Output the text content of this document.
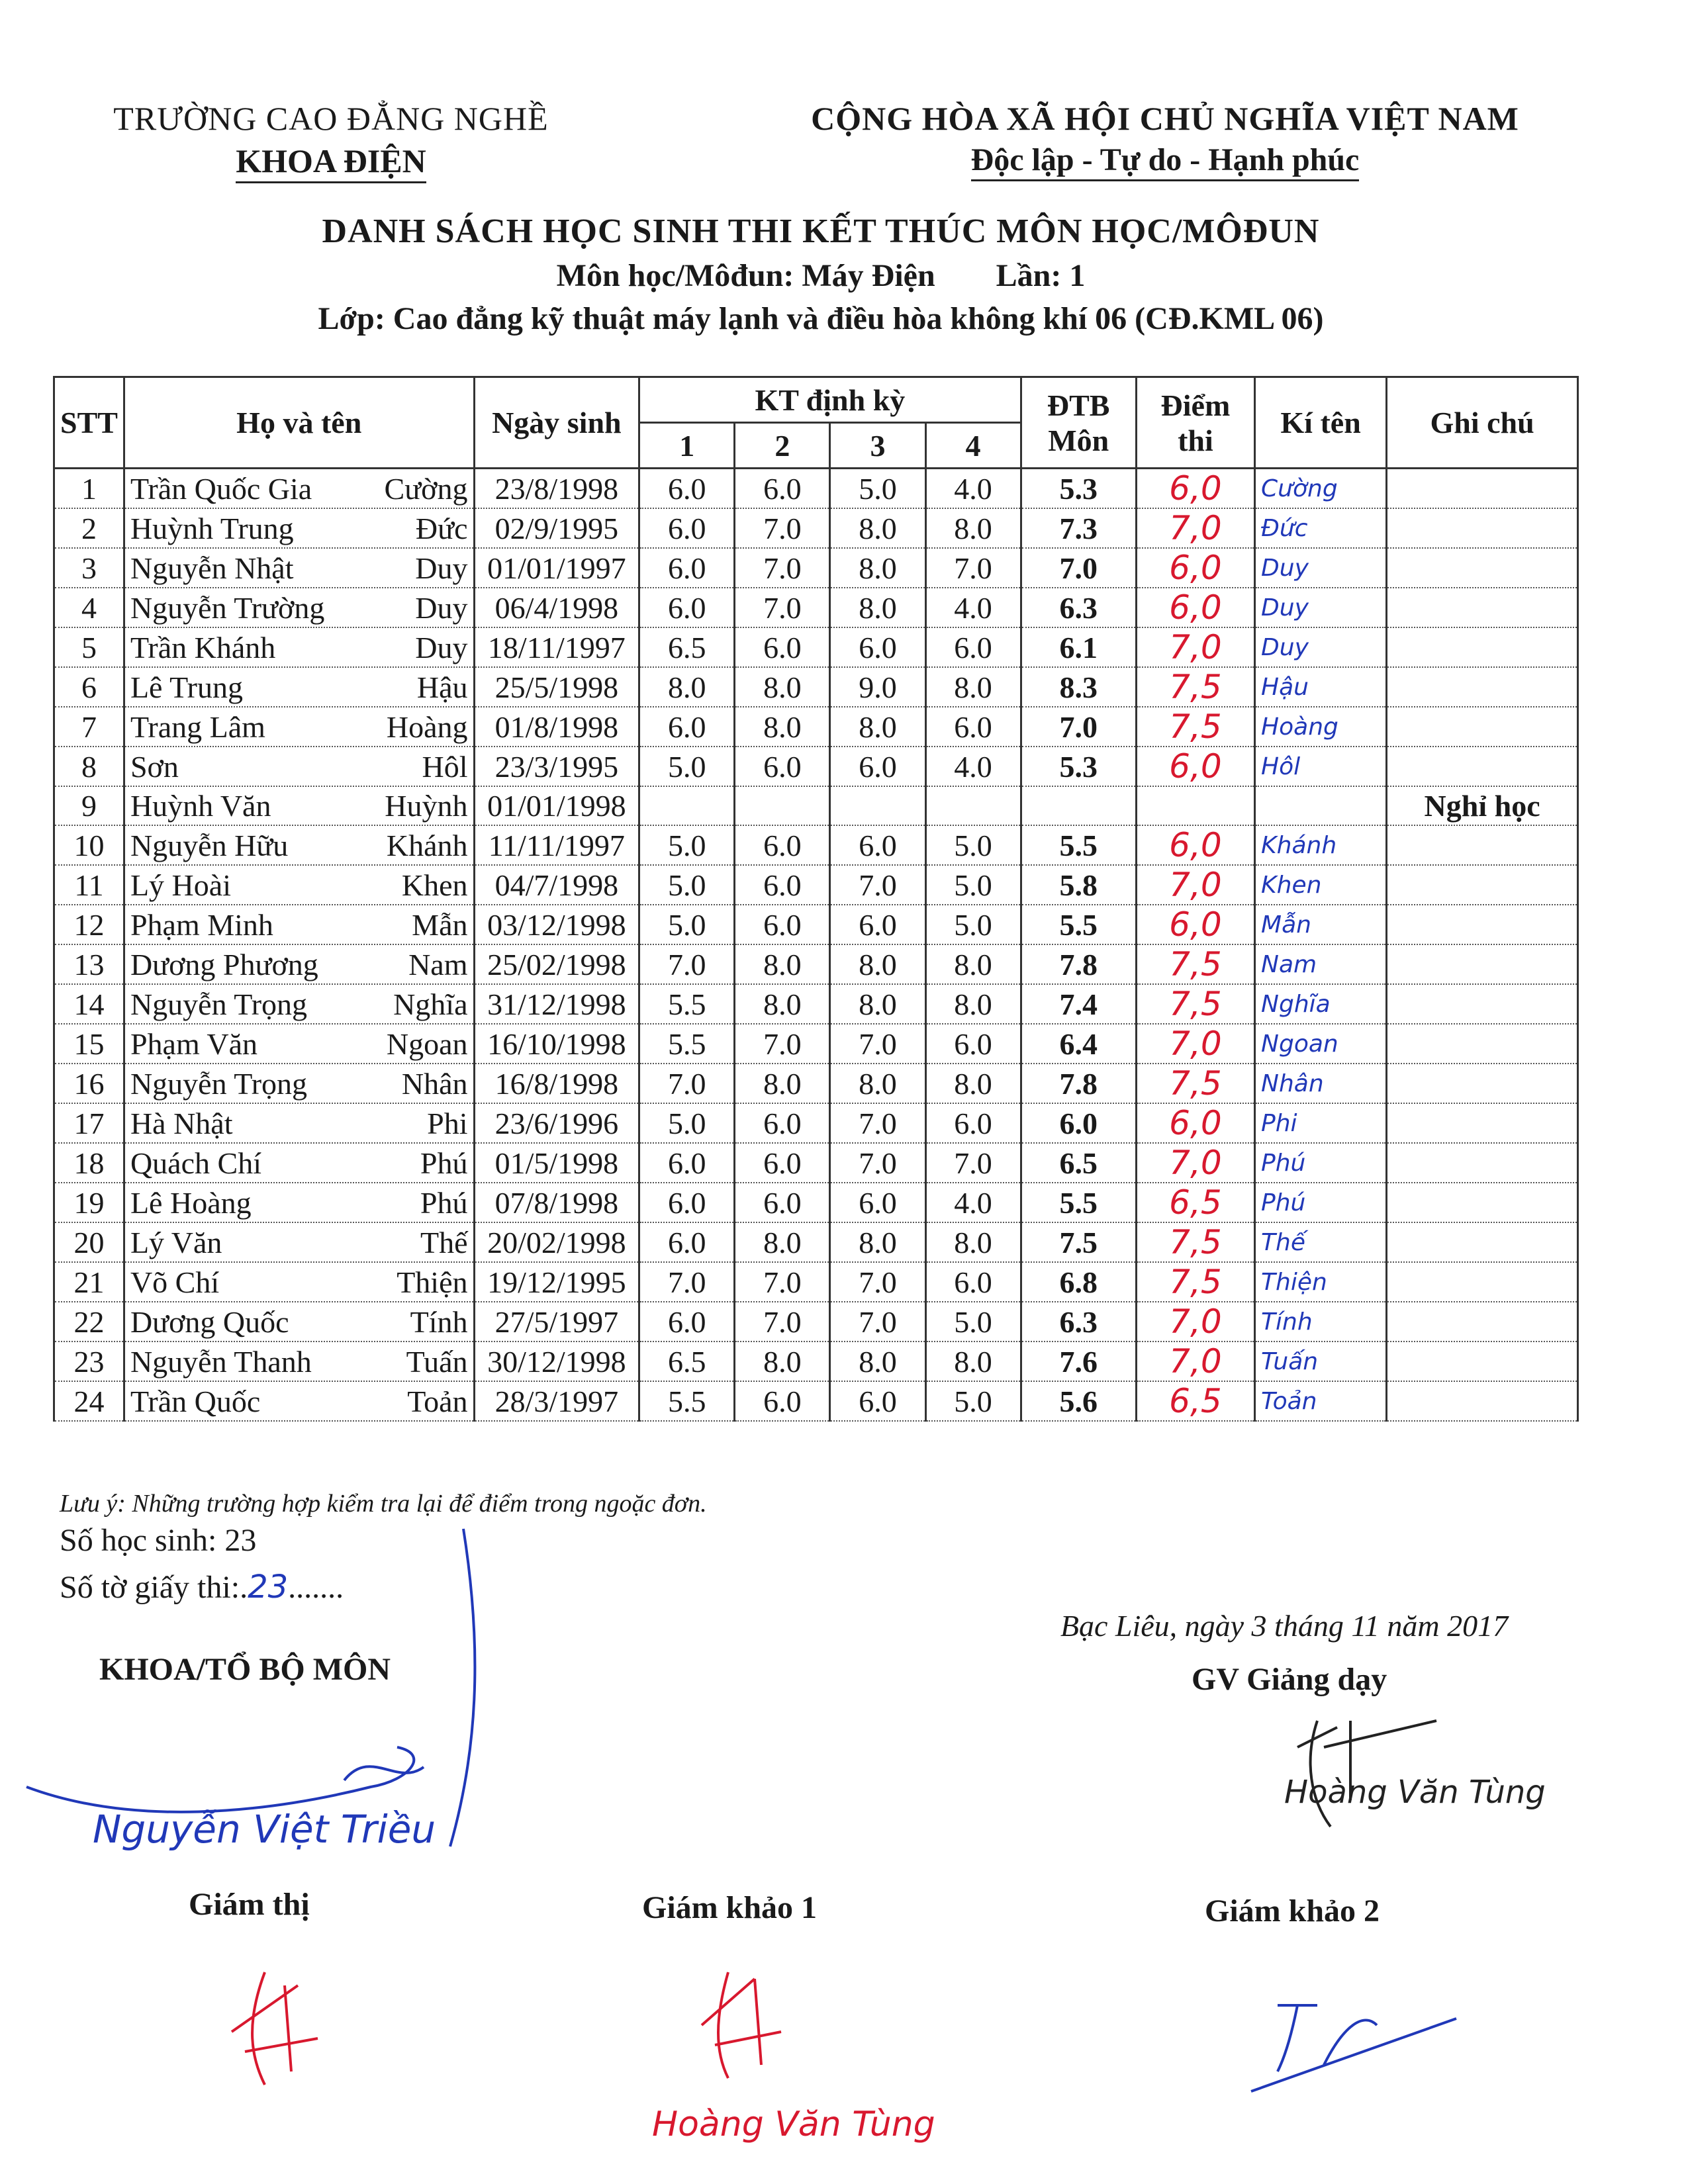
TRƯỜNG CAO ĐẲNG NGHỀ
KHOA ĐIỆN
CỘNG HÒA XÃ HỘI CHỦ NGHĨA VIỆT NAM
Độc lập - Tự do - Hạnh phúc
DANH SÁCH HỌC SINH THI KẾT THÚC MÔN HỌC/MÔĐUN
Môn học/Môđun: Máy Điện Lần: 1
Lớp: Cao đẳng kỹ thuật máy lạnh và điều hòa không khí 06 (CĐ.KML 06)
STT	Họ và tên	Ngày sinh	KT định kỳ				ĐTB Môn	Điểm thi	Kí tên	Ghi chú
			1	2	3	4				
1	Trần Quốc Gia Cường	23/8/1998	6.0	6.0	5.0	4.0	5.3	6,0	Cường	
2	Huỳnh Trung Đức	02/9/1995	6.0	7.0	8.0	8.0	7.3	7,0	Đức	
3	Nguyễn Nhật Duy	01/01/1997	6.0	7.0	8.0	7.0	7.0	6,0	Duy	
4	Nguyễn Trường Duy	06/4/1998	6.0	7.0	8.0	4.0	6.3	6,0	Duy	
5	Trần Khánh Duy	18/11/1997	6.5	6.0	6.0	6.0	6.1	7,0	Duy	
6	Lê Trung Hậu	25/5/1998	8.0	8.0	9.0	8.0	8.3	7,5	Hậu	
7	Trang Lâm Hoàng	01/8/1998	6.0	8.0	8.0	6.0	7.0	7,5	Hoàng	
8	Sơn Hôl	23/3/1995	5.0	6.0	6.0	4.0	5.3	6,0	Hôl	
9	Huỳnh Văn Huỳnh	01/01/1998								Nghỉ học
10	Nguyễn Hữu Khánh	11/11/1997	5.0	6.0	6.0	5.0	5.5	6,0	Khánh	
11	Lý Hoài Khen	04/7/1998	5.0	6.0	7.0	5.0	5.8	7,0	Khen	
12	Phạm Minh Mẫn	03/12/1998	5.0	6.0	6.0	5.0	5.5	6,0	Mẫn	
13	Dương Phương Nam	25/02/1998	7.0	8.0	8.0	8.0	7.8	7,5	Nam	
14	Nguyễn Trọng Nghĩa	31/12/1998	5.5	8.0	8.0	8.0	7.4	7,5	Nghĩa	
15	Phạm Văn Ngoan	16/10/1998	5.5	7.0	7.0	6.0	6.4	7,0	Ngoan	
16	Nguyễn Trọng Nhân	16/8/1998	7.0	8.0	8.0	8.0	7.8	7,5	Nhân	
17	Hà Nhật Phi	23/6/1996	5.0	6.0	7.0	6.0	6.0	6,0	Phi	
18	Quách Chí Phú	01/5/1998	6.0	6.0	7.0	7.0	6.5	7,0	Phú	
19	Lê Hoàng Phú	07/8/1998	6.0	6.0	6.0	4.0	5.5	6,5	Phú	
20	Lý Văn Thế	20/02/1998	6.0	8.0	8.0	8.0	7.5	7,5	Thế	
21	Võ Chí Thiện	19/12/1995	7.0	7.0	7.0	6.0	6.8	7,5	Thiện	
22	Dương Quốc Tính	27/5/1997	6.0	7.0	7.0	5.0	6.3	7,0	Tính	
23	Nguyễn Thanh Tuấn	30/12/1998	6.5	8.0	8.0	8.0	7.6	7,0	Tuấn	
24	Trần Quốc Toản	28/3/1997	5.5	6.0	6.0	5.0	5.6	6,5	Toản	
Lưu ý: Những trường hợp kiểm tra lại để điểm trong ngoặc đơn.
Số học sinh: 23
Số tờ giấy thi:.23.......
Bạc Liêu, ngày 3 tháng 11 năm 2017
KHOA/TỔ BỘ MÔN	GV Giảng dạy
Nguyễn Việt Triều
Hoàng Văn Tùng
Giám thị	Giám khảo 1	Giám khảo 2
Hoàng Văn Tùng
